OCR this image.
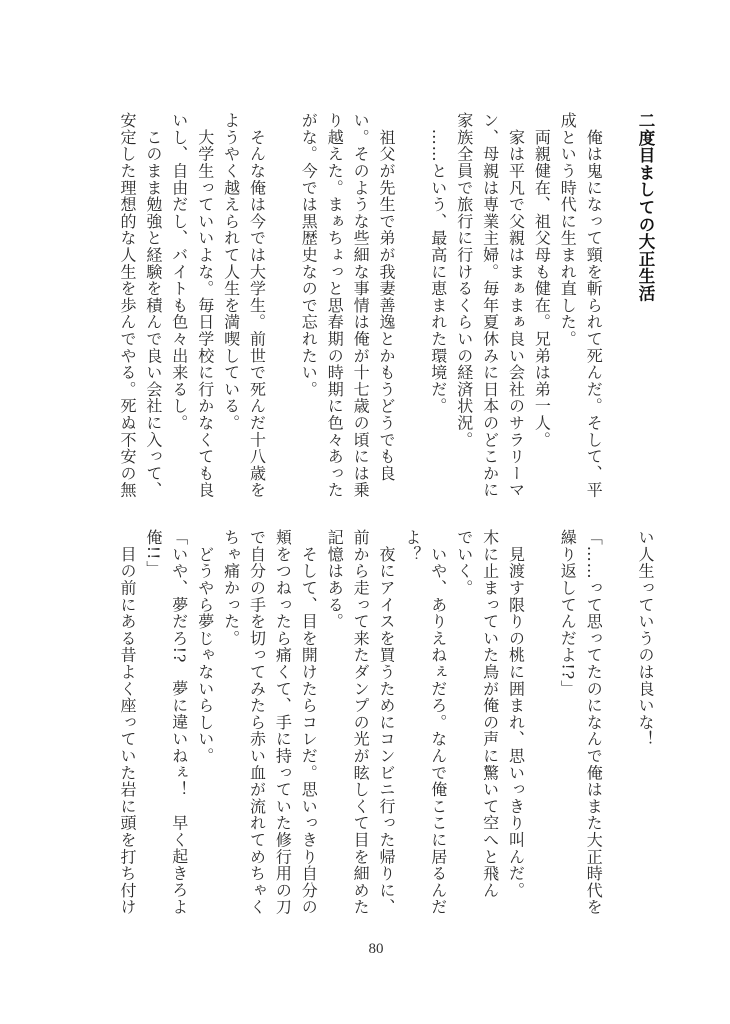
二度目ましての大正生活
　俺は鬼になって頸を斬られて死んだ。そして、平
成という時代に生まれ直した。
　両親健在、祖父母も健在。兄弟は弟一人。
　家は平凡で父親はまぁまぁ良い会社のサラリーマ
ン、母親は専業主婦。毎年夏休みに日本のどこかに
家族全員で旅行に行けるくらいの経済状況。
　……という、最高に恵まれた環境だ。
　祖父が先生で弟が我妻善逸とかもうどうでも良
い。そのような些細な事情は俺が十七歳の頃には乗
り越えた。まぁちょっと思春期の時期に色々あった
がな。今では黒歴史なので忘れたい。
　そんな俺は今では大学生。前世で死んだ十八歳を
ようやく越えられて人生を満喫している。
　大学生っていいよな。毎日学校に行かなくても良
いし、自由だし、バイトも色々出来るし。
　このまま勉強と経験を積んで良い会社に入って、
安定した理想的な人生を歩んでやる。死ぬ不安の無
い人生っていうのは良いな！
「……って思ってたのになんで俺はまた大正時代を
繰り返してんだよ!?」
　見渡す限りの桃に囲まれ、思いっきり叫んだ。
木に止まっていた鳥が俺の声に驚いて空へと飛ん
でいく。
　いや、ありえねぇだろ。なんで俺ここに居るんだ
よ？
　夜にアイスを買うためにコンビニ行った帰りに、
前から走って来たダンプの光が眩しくて目を細めた
記憶はある。
　そして、目を開けたらコレだ。思いっきり自分の
頬をつねったら痛くて、手に持っていた修行用の刀
で自分の手を切ってみたら赤い血が流れてめちゃく
ちゃ痛かった。
　どうやら夢じゃないらしい。
「いや、夢だろ!?　夢に違いねぇ！　早く起きろよ
俺!!」
　目の前にある昔よく座っていた岩に頭を打ち付け
80
